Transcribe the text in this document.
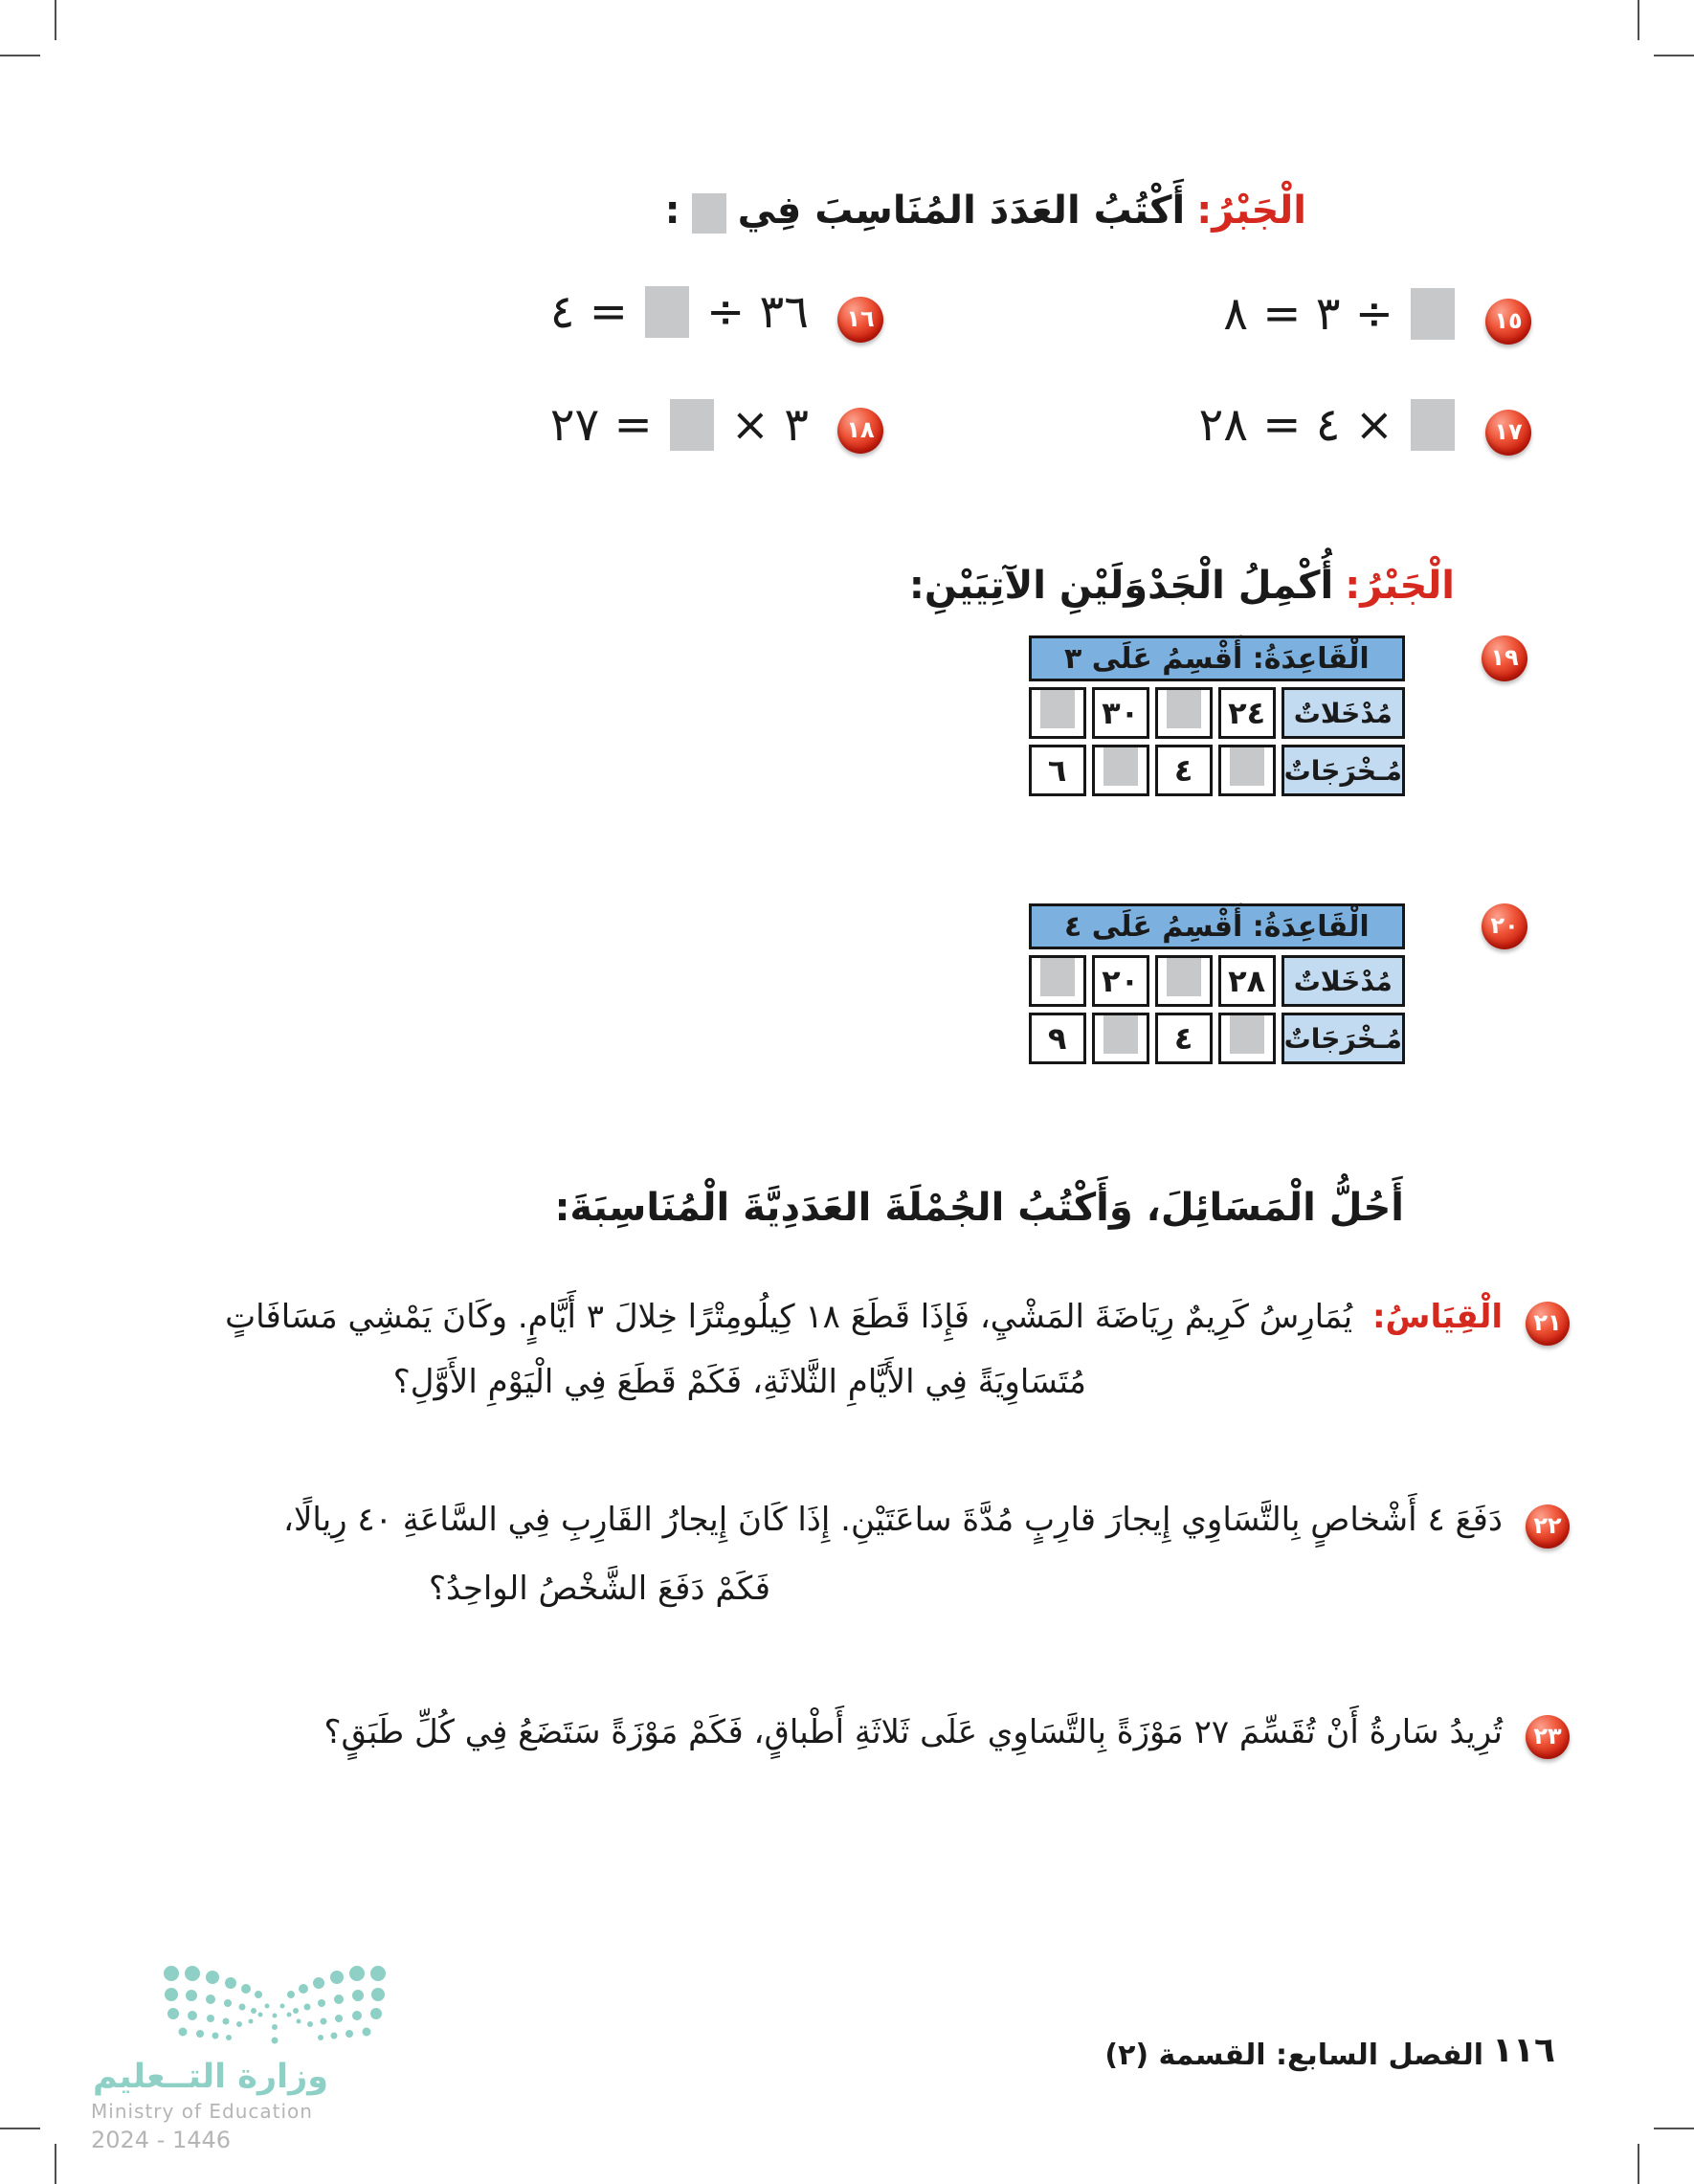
الْجَبْرُ:
أَكْتُبُ العَدَدَ المُنَاسِبَ فِي
:
١٥
÷ ٣ = ٨
١٦
٣٦ ÷
= ٤
١٧
× ٤ = ٢٨
١٨
٣ ×
= ٢٧
الْجَبْرُ:
أُكْمِلُ الْجَدْوَلَيْنِ الآتِيَيْنِ:
١٩
الْقَاعِدَةُ: أَقْسِمُ عَلَى ٣				
مُدْخَلاتٌ	٢٤		٣٠	
مُـخْرَجَاتٌ		٤		٦
٢٠
الْقَاعِدَةُ: أَقْسِمُ عَلَى ٤				
مُدْخَلاتٌ	٢٨		٢٠	
مُـخْرَجَاتٌ		٤		٩
أَحُلُّ الْمَسَائِلَ، وَأَكْتُبُ الجُمْلَةَ العَدَدِيَّةَ الْمُنَاسِبَةَ:
٢١
الْقِيَاسُ: يُمَارِسُ كَرِيمٌ رِيَاضَةَ المَشْيِ، فَإِذَا قَطَعَ ١٨ كِيلُومِتْرًا خِلالَ ٣ أَيَّامٍ. وكَانَ يَمْشِي مَسَافَاتٍ
مُتَسَاوِيَةً فِي الأَيَّامِ الثَّلاثَةِ، فَكَمْ قَطَعَ فِي الْيَوْمِ الأَوَّلِ؟
٢٢
دَفَعَ ٤ أَشْخاصٍ بِالتَّسَاوِي إِيجارَ قارِبٍ مُدَّةَ ساعَتَيْنِ. إِذَا كَانَ إِيجارُ القَارِبِ فِي السَّاعَةِ ٤٠ رِيالًا،
فَكَمْ دَفَعَ الشَّخْصُ الواحِدُ؟
٢٣
تُرِيدُ سَارةُ أَنْ تُقَسِّمَ ٢٧ مَوْزَةً بِالتَّسَاوِي عَلَى ثَلاثَةِ أَطْباقٍ، فَكَمْ مَوْزَةً سَتَضَعُ فِي كُلِّ طَبَقٍ؟
وزارة التــعليم
Ministry of Education
2024 - 1446
١١٦
الفصل السابع: القسمة (٢)
